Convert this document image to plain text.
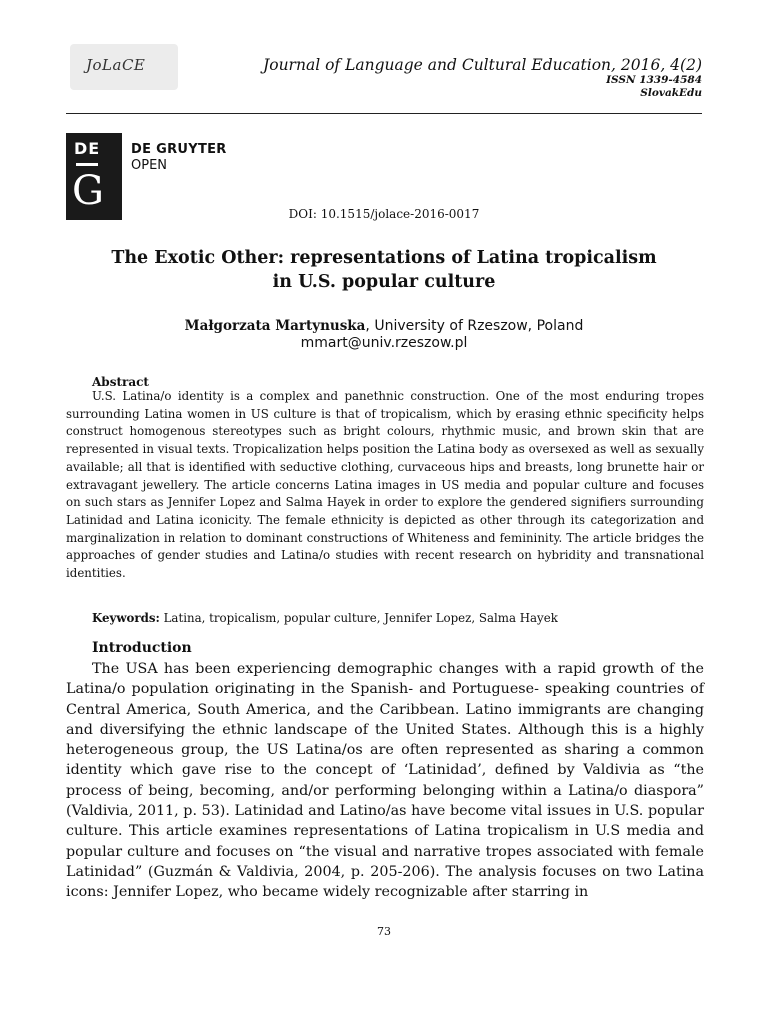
JoLaCE	Journal of Language and Cultural Education, 2016, 4(2)
ISSN 1339-4584
SlovakEdu
DE
G
DE GRUYTER
OPEN
DOI: 10.1515/jolace-2016-0017
The Exotic Other: representations of Latina tropicalism
in U.S. popular culture
Małgorzata Martynuska, University of Rzeszow, Poland
mmart@univ.rzeszow.pl
Abstract
U.S. Latina/o identity is a complex and panethnic construction. One of the most enduring tropes surrounding Latina women in US culture is that of tropicalism, which by erasing ethnic specificity helps construct homogenous stereotypes such as bright colours, rhythmic music, and brown skin that are represented in visual texts. Tropicalization helps position the Latina body as oversexed as well as sexually available; all that is identified with seductive clothing, curvaceous hips and breasts, long brunette hair or extravagant jewellery. The article concerns Latina images in US media and popular culture and focuses on such stars as Jennifer Lopez and Salma Hayek in order to explore the gendered signifiers surrounding Latinidad and Latina iconicity. The female ethnicity is depicted as other through its categorization and marginalization in relation to dominant constructions of Whiteness and femininity. The article bridges the approaches of gender studies and Latina/o studies with recent research on hybridity and transnational identities.
Keywords: Latina, tropicalism, popular culture, Jennifer Lopez, Salma Hayek
Introduction
The USA has been experiencing demographic changes with a rapid growth of the Latina/o population originating in the Spanish- and Portuguese- speaking countries of Central America, South America, and the Caribbean. Latino immigrants are changing and diversifying the ethnic landscape of the United States. Although this is a highly heterogeneous group, the US Latina/os are often represented as sharing a common identity which gave rise to the concept of ‘Latinidad’, defined by Valdivia as “the process of being, becoming, and/or performing belonging within a Latina/o diaspora” (Valdivia, 2011, p. 53). Latinidad and Latino/as have become vital issues in U.S. popular culture. This article examines representations of Latina tropicalism in U.S media and popular culture and focuses on “the visual and narrative tropes associated with female Latinidad” (Guzmán & Valdivia, 2004, p. 205-206). The analysis focuses on two Latina icons: Jennifer Lopez, who became widely recognizable after starring in
73
